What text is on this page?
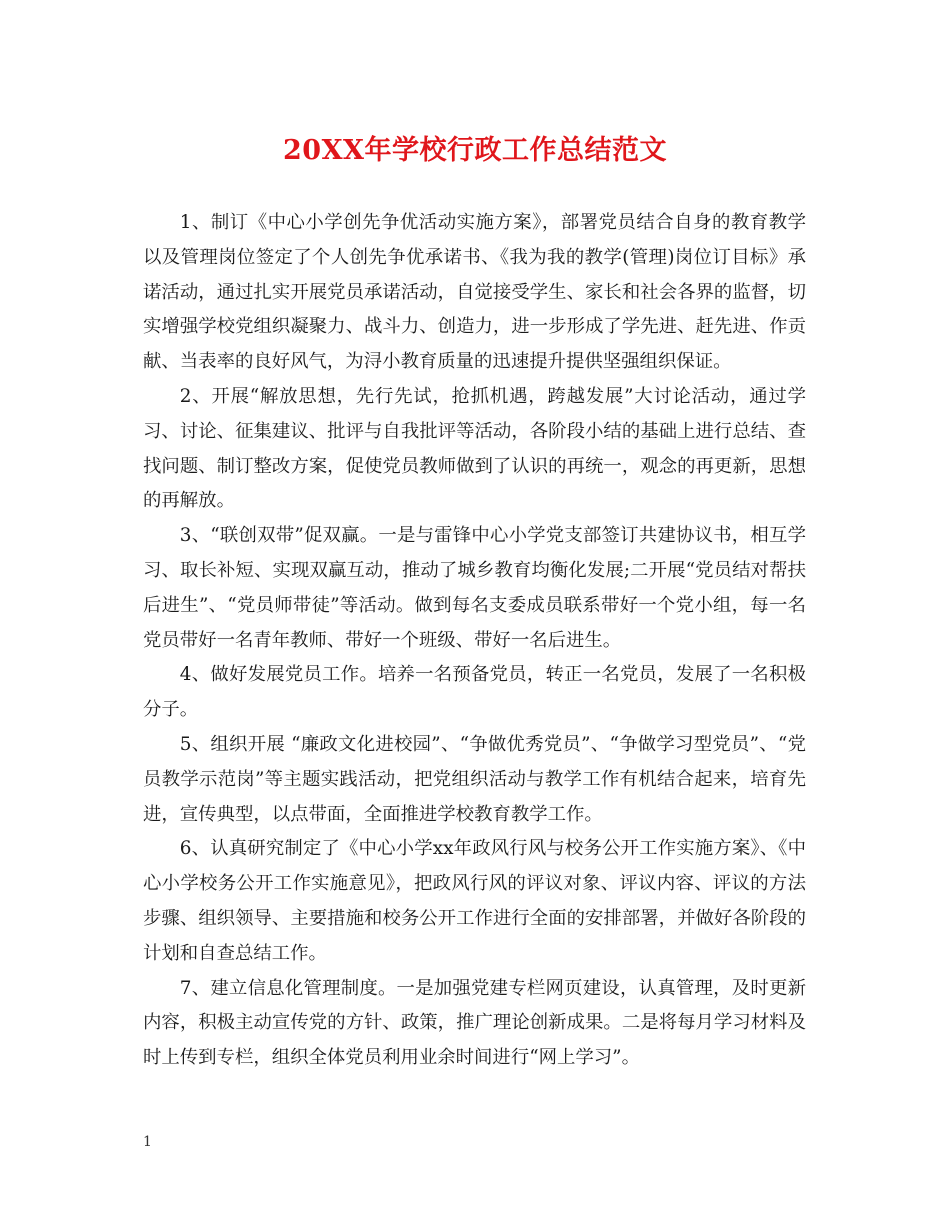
20XX年学校行政工作总结范文

1、制订《中心小学创先争优活动实施方案》，部署党员结合自身的教育教学以及管理岗位签定了个人创先争优承诺书、《我为我的教学(管理)岗位订目标》承诺活动，通过扎实开展党员承诺活动，自觉接受学生、家长和社会各界的监督，切实增强学校党组织凝聚力、战斗力、创造力，进一步形成了学先进、赶先进、作贡献、当表率的良好风气，为浔小教育质量的迅速提升提供坚强组织保证。

2、开展“解放思想，先行先试，抢抓机遇，跨越发展”大讨论活动，通过学习、讨论、征集建议、批评与自我批评等活动，各阶段小结的基础上进行总结、查找问题、制订整改方案，促使党员教师做到了认识的再统一，观念的再更新，思想的再解放。

3、“联创双带”促双赢。一是与雷锋中心小学党支部签订共建协议书，相互学习、取长补短、实现双赢互动，推动了城乡教育均衡化发展;二开展“党员结对帮扶后进生”、“党员师带徒”等活动。做到每名支委成员联系带好一个党小组，每一名党员带好一名青年教师、带好一个班级、带好一名后进生。

4、做好发展党员工作。培养一名预备党员，转正一名党员，发展了一名积极分子。

5、组织开展 “廉政文化进校园”、“争做优秀党员”、“争做学习型党员”、“党员教学示范岗”等主题实践活动，把党组织活动与教学工作有机结合起来，培育先进，宣传典型，以点带面，全面推进学校教育教学工作。

6、认真研究制定了《中心小学xx年政风行风与校务公开工作实施方案》、《中心小学校务公开工作实施意见》，把政风行风的评议对象、评议内容、评议的方法步骤、组织领导、主要措施和校务公开工作进行全面的安排部署，并做好各阶段的计划和自查总结工作。

7、建立信息化管理制度。一是加强党建专栏网页建设，认真管理，及时更新内容，积极主动宣传党的方针、政策，推广理论创新成果。二是将每月学习材料及时上传到专栏，组织全体党员利用业余时间进行“网上学习”。

1
